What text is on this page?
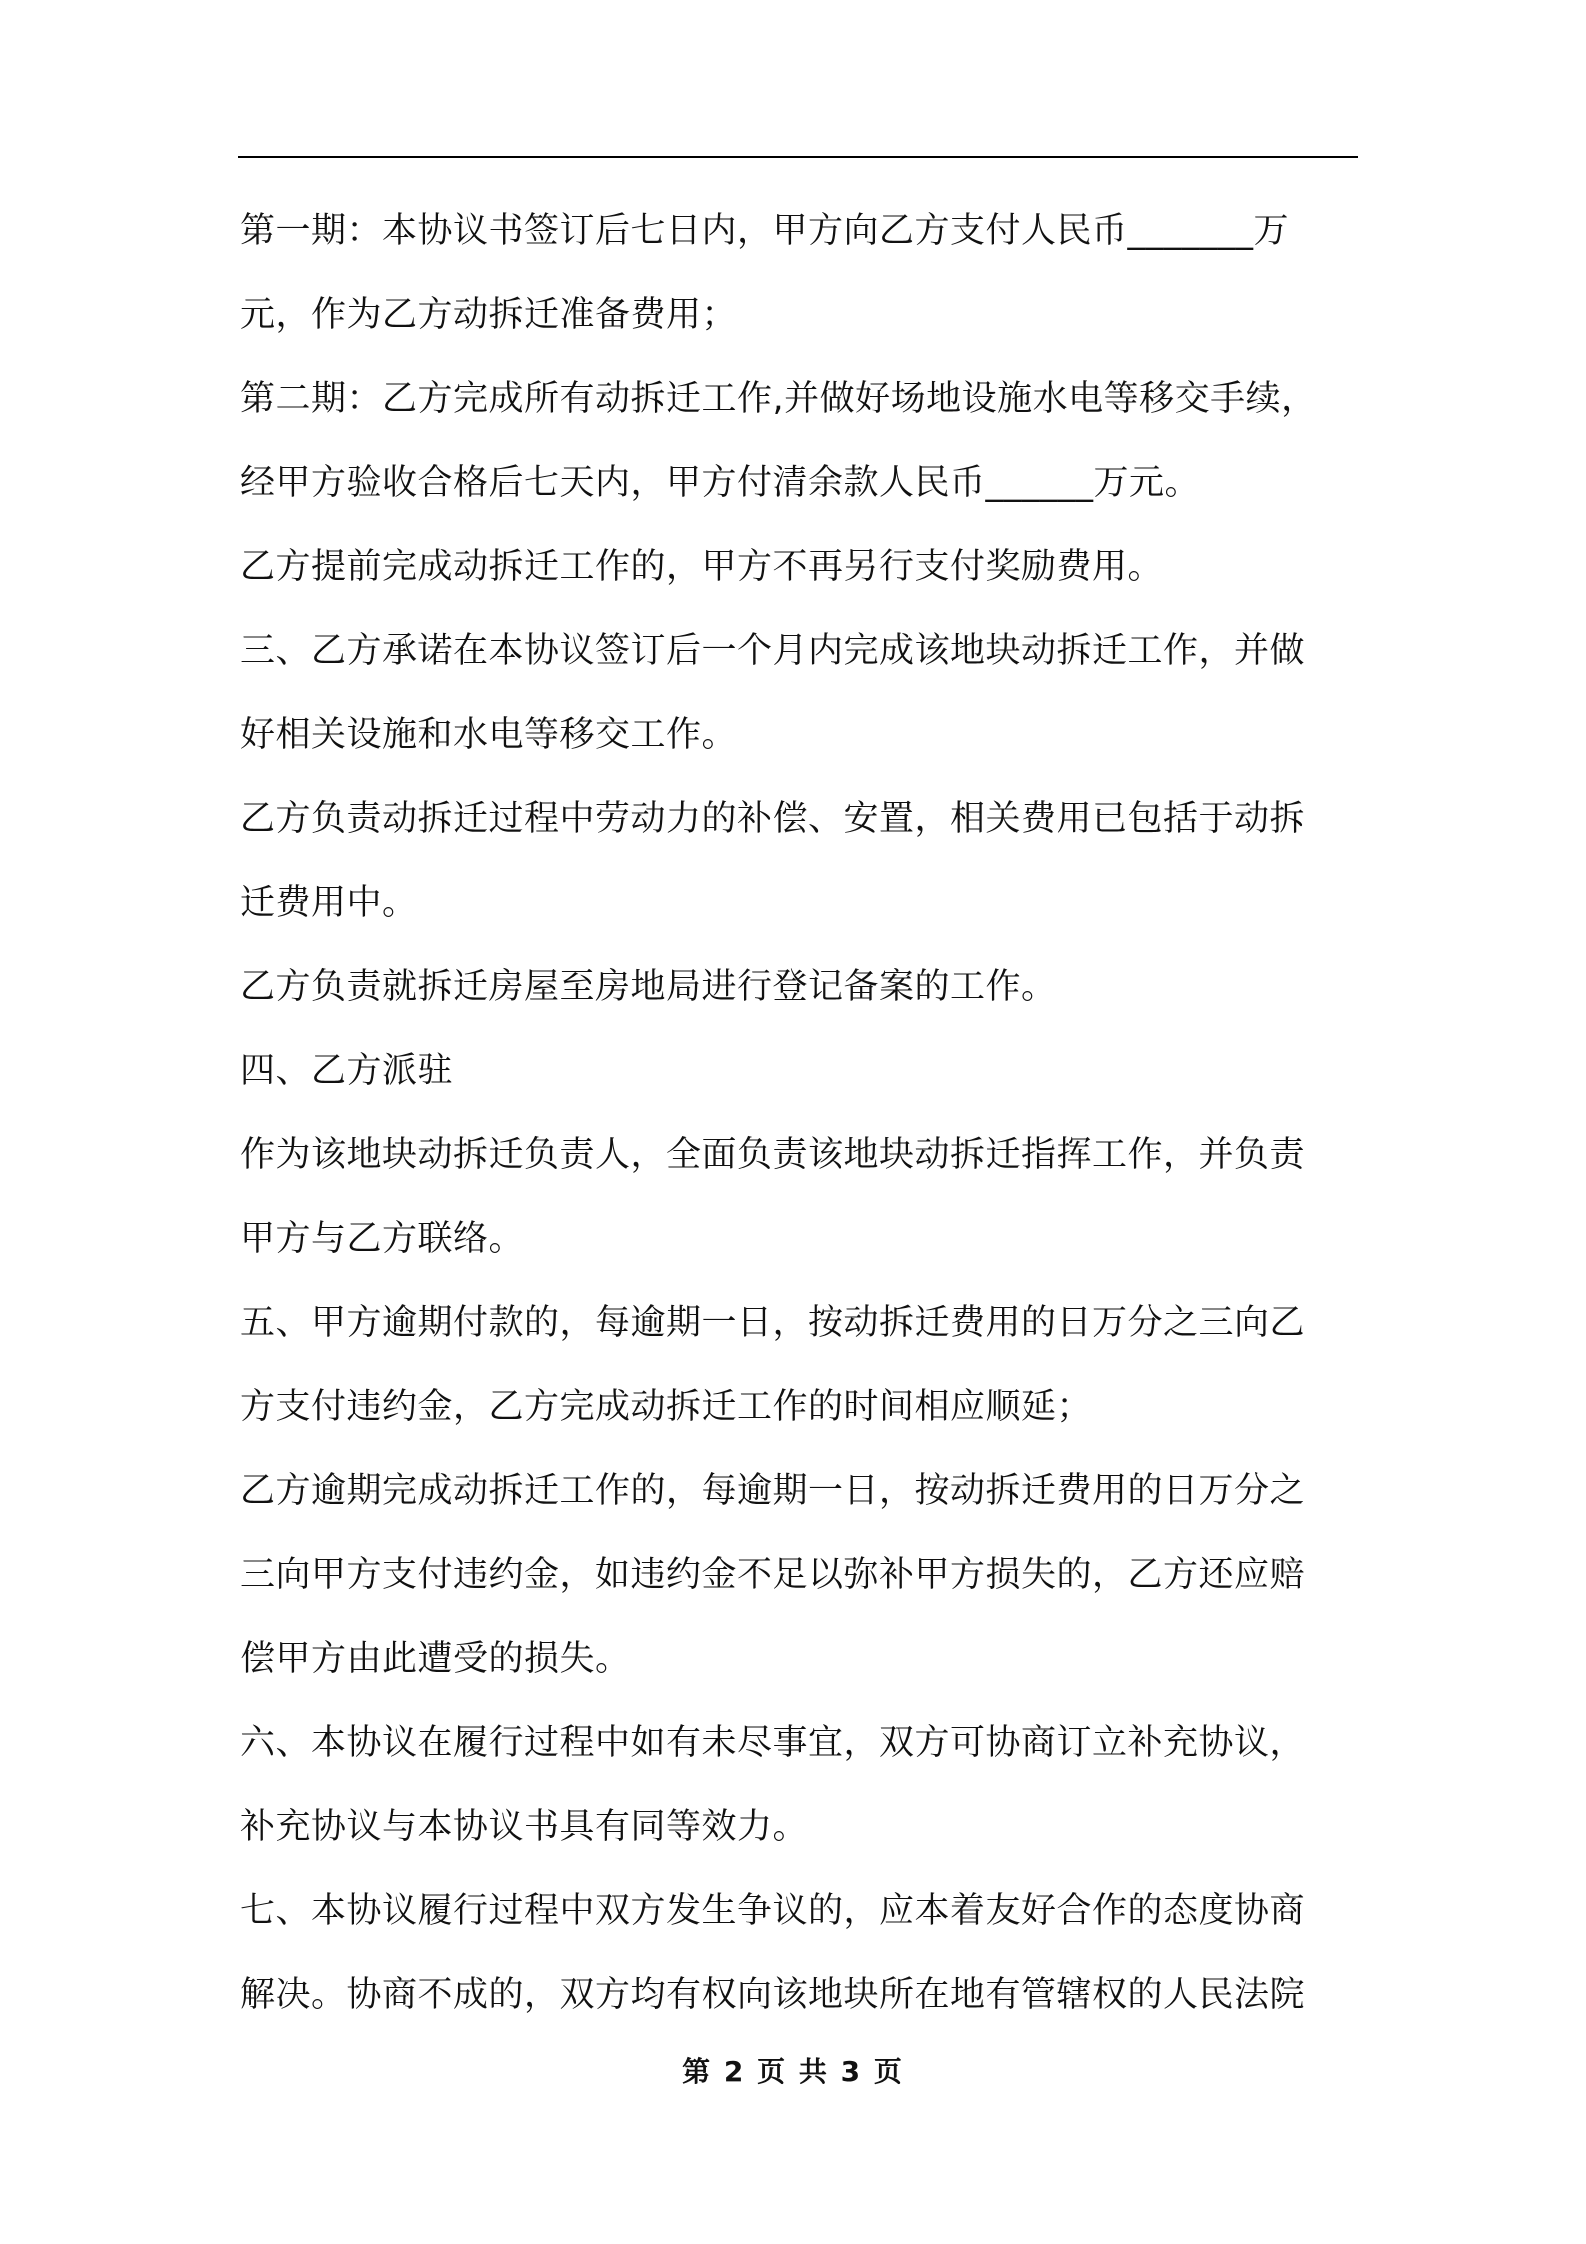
第一期：本协议书签订后七日内，甲方向乙方支付人民币_______万
元，作为乙方动拆迁准备费用；
第二期：乙方完成所有动拆迁工作,并做好场地设施水电等移交手续，
经甲方验收合格后七天内，甲方付清余款人民币______万元。
乙方提前完成动拆迁工作的，甲方不再另行支付奖励费用。
三、乙方承诺在本协议签订后一个月内完成该地块动拆迁工作，并做
好相关设施和水电等移交工作。
乙方负责动拆迁过程中劳动力的补偿、安置，相关费用已包括于动拆
迁费用中。
乙方负责就拆迁房屋至房地局进行登记备案的工作。
四、乙方派驻
作为该地块动拆迁负责人，全面负责该地块动拆迁指挥工作，并负责
甲方与乙方联络。
五、甲方逾期付款的，每逾期一日，按动拆迁费用的日万分之三向乙
方支付违约金，乙方完成动拆迁工作的时间相应顺延；
乙方逾期完成动拆迁工作的，每逾期一日，按动拆迁费用的日万分之
三向甲方支付违约金，如违约金不足以弥补甲方损失的，乙方还应赔
偿甲方由此遭受的损失。
六、本协议在履行过程中如有未尽事宜，双方可协商订立补充协议，
补充协议与本协议书具有同等效力。
七、本协议履行过程中双方发生争议的，应本着友好合作的态度协商
解决。协商不成的，双方均有权向该地块所在地有管辖权的人民法院
第 2 页 共 3 页
